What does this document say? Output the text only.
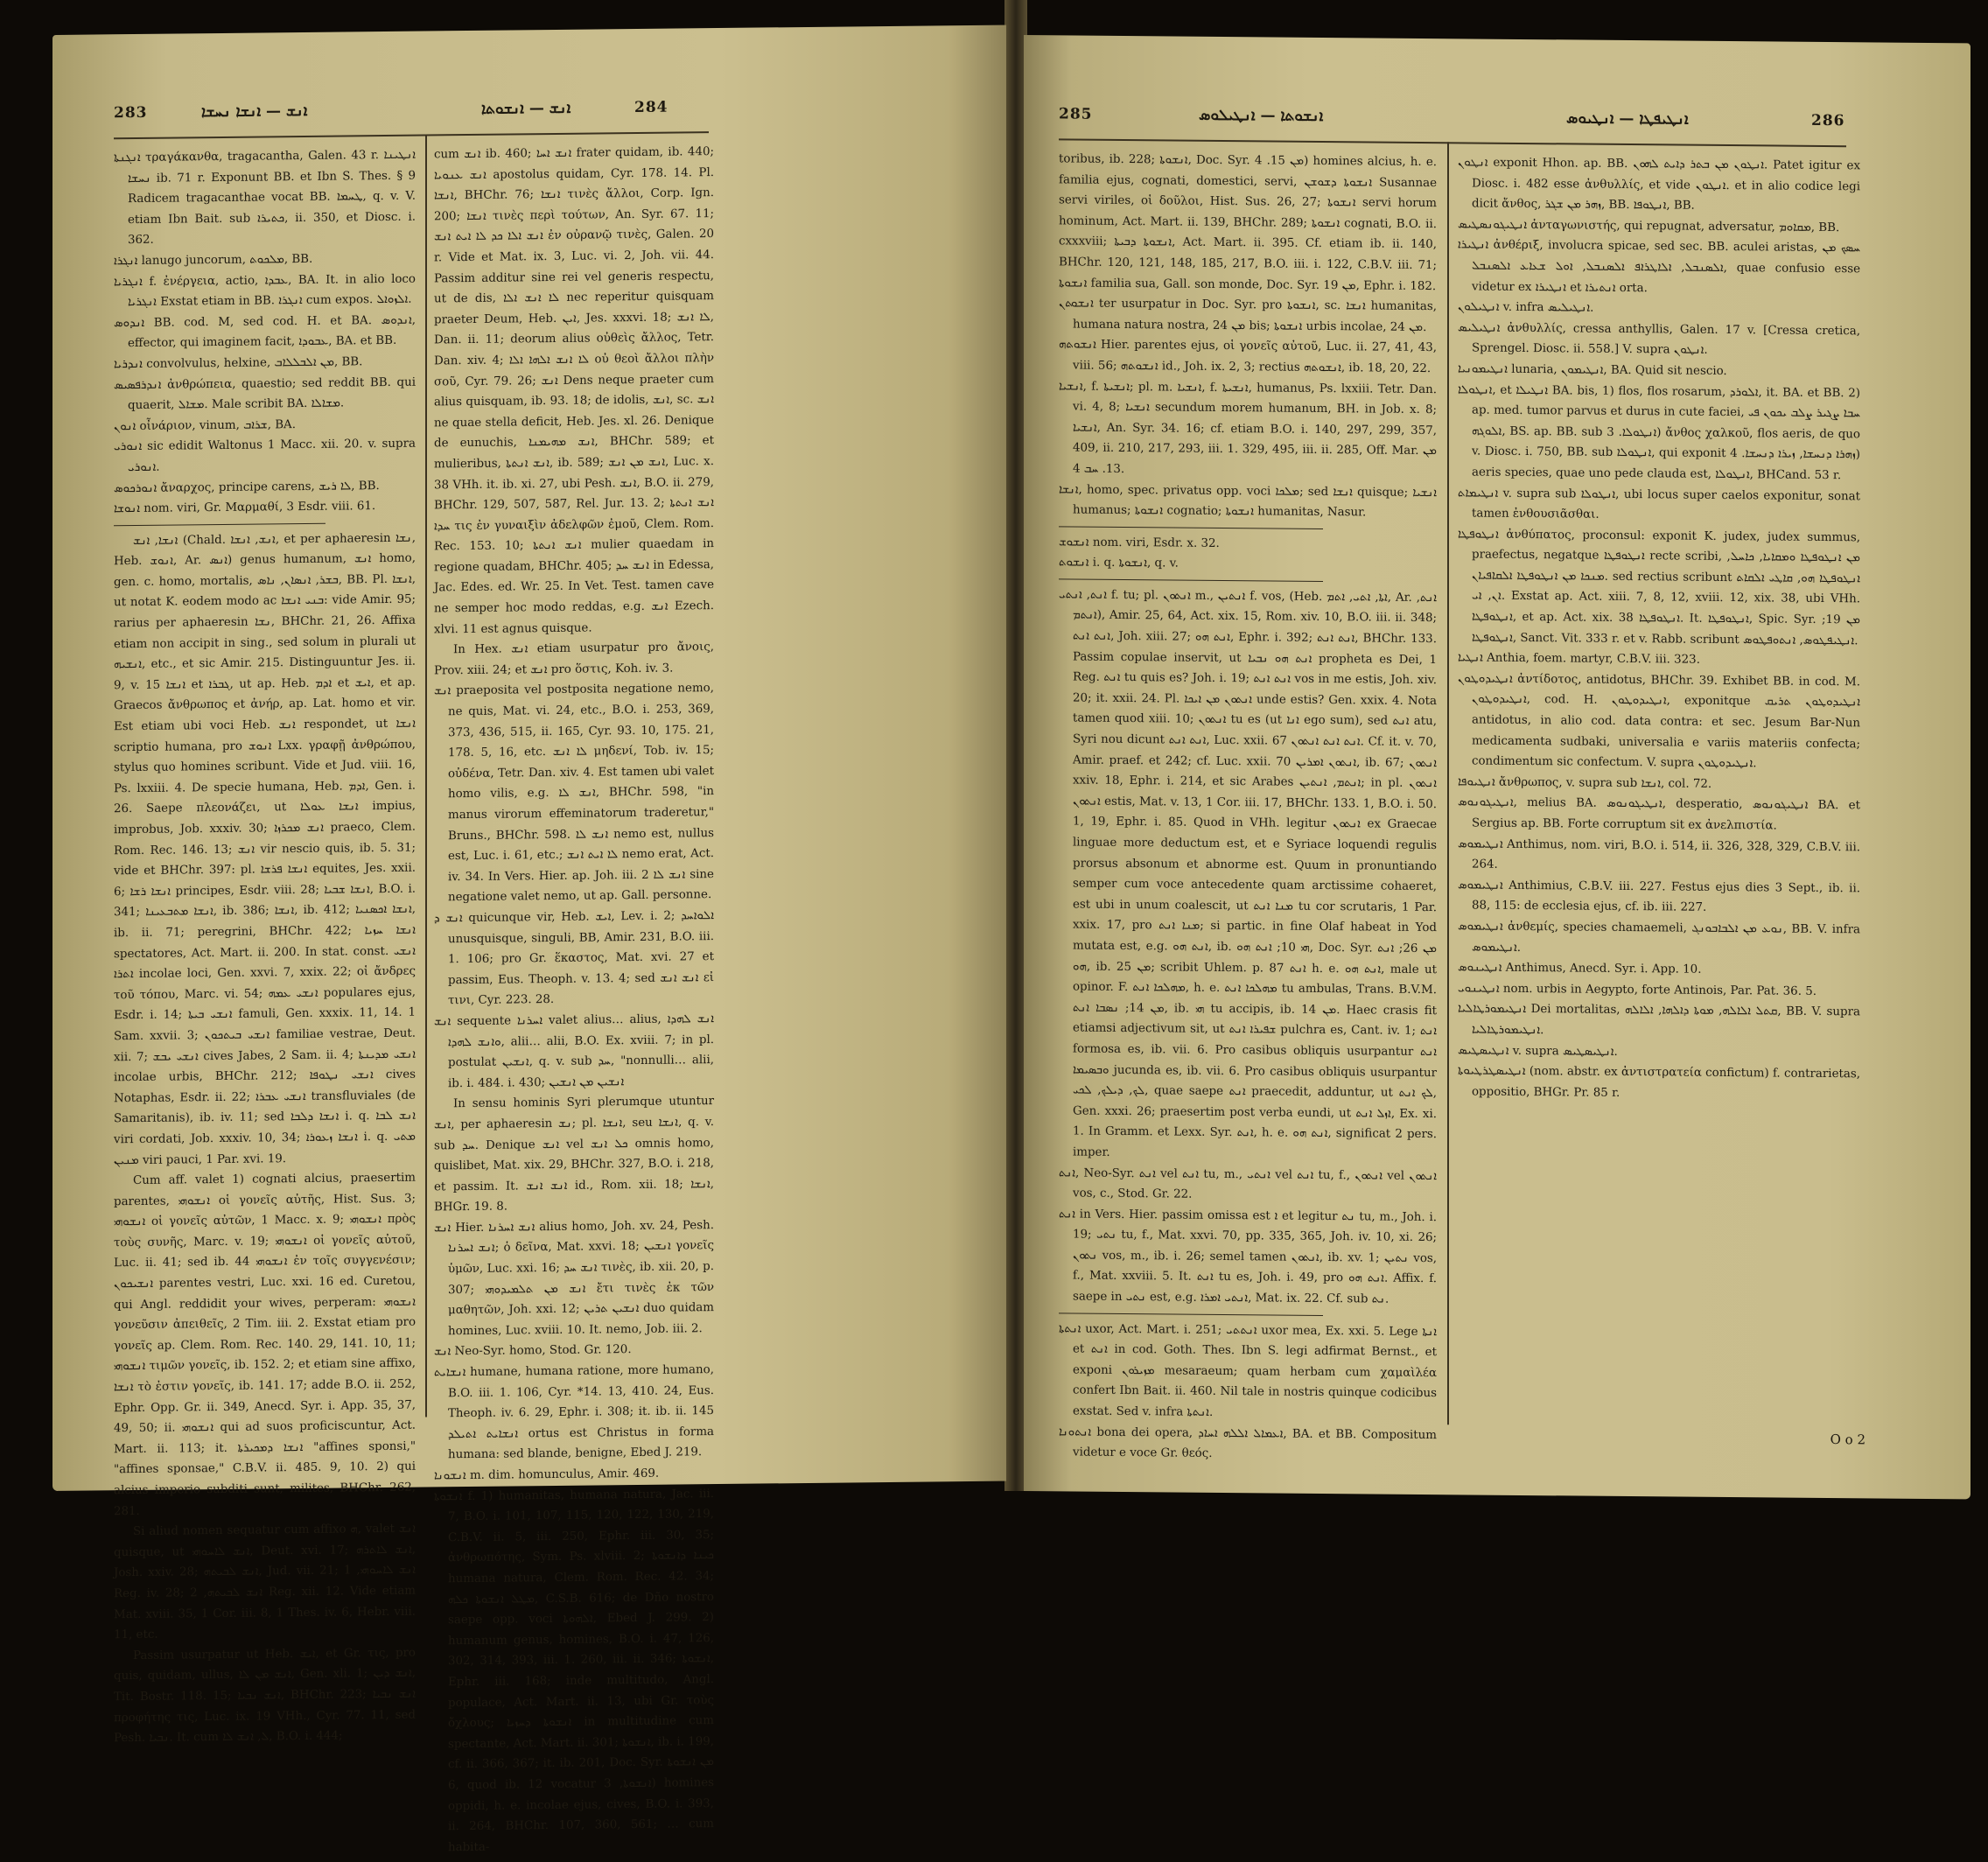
283	ܐܢܫ — ܐܢܫܐ ܢܚܫܐ	ܐܢܫ — ܐܢܫܘܬܐ	284

ܐܢܓܢܬܐ τραγάκανθα, tragacantha, Galen. 43 r. ܐܢܛܝܢܐ ܢܚܫܐ ib. 71 r. Exponunt BB. et Ibn S. Thes. § 9 Radicem tragacanthae vocat BB. ܛܚܡܐ, q. v. V. etiam Ibn Bait. sub ܟܬܝܪܐ, ii. 350, et Diosc. i. 362.

ܐܢܓܪܐ lanugo juncorum, ܡܠܟܘܬ, BB.

ܐܢܓܪܝܐ f. ἐνέργεια, actio, ܥܒܕܐ, BA. It. in alio loco ܐܢܓܪܝܐ Exstat etiam in BB. ܐܢܓܪܐ cum expos. ܐܠܙܘܐܠ.

ܐܢܕܘܣ BB. cod. M, sed cod. H. et BA. ܐܢܕܘܣ, effector, qui imaginem facit, ܥܒܘܕܐ, BA. et BB.

ܐܢܕܪܝܐ convolvulus, helxine, ܡܢ ܐܠܒܠܠܐܒ, BB.

ܐܢܕܪܦܣܝܣ ἀνθρώπεια, quaestio; sed reddit BB. qui quaerit, ܡܫܐܠ. Male scribit BA. ܡܫܐܠܐ.

ܐܢܘܢ οἶνάριον, vinum, ܫܪܐܒ, BA.

ܐܢܘܪܝ sic edidit Waltonus 1 Macc. xii. 20. v. supra ܐܢܘܪܝ.

ܐܢܘܪܟܘܣ ἄναρχος, principe carens, ܠܐ ܪܝܫ, BB.

ܐܢܘܫܐ nom. viri, Gr. Μαρμαθί, 3 Esdr. viii. 61.

ܐܢܫܐ, ܐܢܫ (Chald. ܐܢܫ, ܐܢܫܐ, et per aphaeresin ܢܫܐ, Heb. ܐܢܘܫ, Ar. ܐܢܣ) genus humanum, ܐܢܫ homo, gen. c. homo, mortalis, ܒܫܪ, ܐܢܣܐܢ, ܢܐܣ, BB. Pl. ܐܢܫܐ, ut notat K. eodem modo ac ܒܢܝ ܐܢܫܐ: vide Amir. 95; rarius per aphaeresin ܢܫܐ, BHChr. 21, 26. Affixa etiam non accipit in sing., sed solum in plurali ut ܐܢܫܝܗ, etc., et sic Amir. 215. Distinguuntur Jes. ii. 9, v. 15 ܐܢܫܐ et ܓܒܪܐ, ut ap. Heb. ܐܕܡ et ܐܝܫ, et ap. Graecos ἄνθρωπος et ἀνήρ, ap. Lat. homo et vir. Est etiam ubi voci Heb. ܐܢܫ respondet, ut ܐܢܫܐ scriptio humana, pro ܐܢܘܫ Lxx. γραφῇ ἀνθρώπου, stylus quo homines scribunt. Vide et Jud. viii. 16, Ps. lxxiii. 4. De specie humana, Heb. ܐܕܡ, Gen. i. 26. Saepe πλεονάζει, ut ܐܢܫܐ ܥܘܠܐ impius, improbus, Job. xxxiv. 30; ܐܢܫ ܡܟܪܙܐ praeco, Clem. Rom. Rec. 146. 13; ܐܢܫ vir nescio quis, ib. 5. 31; vide et BHChr. 397: pl. ܐܢܫܐ ܦܪܫܐ equites, Jes. xxii. 6; ܐܢܫܐ ܪܫܐ principes, Esdr. viii. 28; ܐܢܫܐ ܫܒܝܐ, B.O. i. 341; ܐܢܫܐ ܡܬܒܥܝܢܐ, ib. 386; ܐܢܫܐ, ib. 412; ܐܢܫܐ ܐܟܣܢܝܐ, ib. ii. 71; peregrini, BHChr. 422; ܐܢܫܐ ܚܙܝܐ spectatores, Act. Mart. ii. 200. In stat. const. ܐܢܫܝ ܐܬܪܐ incolae loci, Gen. xxvi. 7, xxix. 22; οἱ ἄνδρες τοῦ τόπου, Marc. vi. 54; ܐܢܫܝ ܥܡܗ populares ejus, Esdr. i. 14; ܐܢܫܝ ܒܝܬܐ famuli, Gen. xxxix. 11, 14. 1 Sam. xxvii. 3; ܐܢܫܝ ܒܝܬܟܘܢ familiae vestrae, Deut. xii. 7; ܐܢܫܝ ܝܒܫ cives Jabes, 2 Sam. ii. 4; ܐܢܫܝ ܡܕܝܢܬܐ incolae urbis, BHChr. 212; ܐܢܫܝ ܢܛܘܦܐ cives Notaphas, Esdr. ii. 22; ܐܢܫܝ ܥܒܪܐ transfluviales (de Samaritanis), ib. iv. 11; sed ܐܢܫܐ ܕܠܒܐ i. q. ܐܢܫ ܠܒܐ viri cordati, Job. xxxiv. 10, 34; ܐܢܫܐ ܙܥܘܪܐ i. q. ܡܬܝ ܡܢܝܢ viri pauci, 1 Par. xvi. 19.

Cum aff. valet 1) cognati alcius, praesertim parentes, ܐܢܫܘܗܝ οἱ γονεῖς αὐτῆς, Hist. Sus. 3; ܐܢܫܘܗܝ οἱ γονεῖς αὐτῶν, 1 Macc. x. 9; ܐܢܫܘܗܝ πρὸς τοὺς συνῆς, Marc. v. 19; ܐܢܫܘܗܝ οἱ γονεῖς αὐτοῦ, Luc. ii. 41; sed ib. 44 ܐܢܫܘܗܝ ἐν τοῖς συγγενέσιν; ܐܢܫܝܟܘܢ parentes vestri, Luc. xxi. 16 ed. Curetou, qui Angl. reddidit your wives, perperam: ܐܢܫܘܗܝ γονεῦσιν ἀπειθεῖς, 2 Tim. iii. 2. Exstat etiam pro γονεῖς ap. Clem. Rom. Rec. 140. 29, 141. 10, 11; ܐܢܫܘܗܝ τιμῶν γονεῖς, ib. 152. 2; et etiam sine affixo, ܐܢܫܐ τὸ ἐστιν γονεῖς, ib. 141. 17; adde B.O. ii. 252, Ephr. Opp. Gr. ii. 349, Anecd. Syr. i. App. 35, 37, 49, 50; ii. ܐܢܫܘܗܝ qui ad suos proficiscuntur, Act. Mart. ii. 113; it. ܐܢܫܐ ܕܡܟܝܪܬܐ "affines sponsi," "affines sponsae," C.B.V. ii. 485. 9, 10. 2) qui alcius imperio subditi sunt, milites, BHChr. 262, 281.

Si aliud nomen sequatur cum affixo ܗ, valet ܐܢܫ quisque, ut ܐܢܫ ܠܐܚܘܗܝ, Deut. xvi. 17; ܐܢܫ ܠܐܬܪܗ, Josh. xxiv. 28; ܐܢܫ ܠܒܝܬܗ, Jud. vii. 21; ܐܢܫ ܠܐܚܘܗܝ, 1 Reg. iv. 28; ܐܢܫ ܠܒܝܬܗ, 2 Reg. xii. 12. Vide etiam Mat. xviii. 35, 1 Cor. iii. 8, 1 Thes. iv. 6, Hebr. viii. 11, etc.

Passim usurpatur ut Heb. ܐܝܫ, et Gr. τις, pro quis, quidam, ullus, ܐܢܫ ܡܢ ܠܐ, Gen. xli. 1; ܐܢܫ ܕܝܢ, Tit. Bostr. 118. 15; ܐܢܫ ܢܒܝܐ, BHChr. 223; ܐܢܫ ܢܒܝܐ προφήτης τις, Luc. ix. 19 VHh., Cyr. 77. 11, sed Pesh. ܢܒܝܐ. It. cum ܠ, ܐܢܫ ܠܐ, B.O. i. 444;

cum ܐܢܫ ib. 460; ܐܢܫ ܐܚܐ frater quidam, ib. 440; ܐܢܫ ܥܢܘܝܐ apostolus quidam, Cyr. 178. 14. Pl. ܐܢܫܐ, BHChr. 76; ܐܢܫܐ τινὲς ἄλλοι, Corp. Ign. 200; ܐܢܫܐ τινὲς περὶ τούτων, An. Syr. 67. 11; ܐܢܫ ܐܠܐ ܟܕ ܠܐ ܐܝܬ ܐܢܫ ἐν οὐρανῷ τινὲς, Galen. 20 r. Vide et Mat. ix. 3, Luc. vi. 2, Joh. vii. 44. Passim additur sine rei vel generis respectu, ut de dis, ܠܐ ܐܢܫ ܐܠܐ nec reperitur quisquam praeter Deum, Heb. ܐܝܢ, Jes. xxxvi. 18; ܠܐ ܐܢܫ, Dan. ii. 11; deorum alius οὐθεὶς ἄλλος, Tetr. Dan. xiv. 4; ܠܐ ܐܢܫ ܐܠܗܐ ܐܠܐ οὐ θεοὶ ἄλλοι πλὴν σοῦ, Cyr. 79. 26; ܐܢܫ Dens neque praeter cum alius quisquam, ib. 93. 18; de idolis, ܐܢܫ, sc. ܐܢܫ ne quae stella deficit, Heb. Jes. xl. 26. Denique de eunuchis, ܐܢܫ ܡܗܝܡܢܐ, BHChr. 589; et mulieribus, ܐܢܫ ܐܢܬܬܐ, ib. 589; ܐܢܫ ܡܢ ܐܢܫ, Luc. x. 38 VHh. it. ib. xi. 27, ubi Pesh. ܐܢܫ, B.O. ii. 279, BHChr. 129, 507, 587, Rel. Jur. 13. 2; ܐܢܫ ܐܢܬܬܐ ܚܕܐ τις ἐν γυναιξὶν ἀδελφῶν ἐμοῦ, Clem. Rom. Rec. 153. 10; ܐܢܫ ܐܢܬܬܐ mulier quaedam in regione quadam, BHChr. 405; ܐܢܫ ܚܕ in Edessa, Jac. Edes. ed. Wr. 25. In Vet. Test. tamen cave ne semper hoc modo reddas, e.g. ܐܢܫ Ezech. xlvi. 11 est agnus quisque.

In Hex. ܐܢܫ etiam usurpatur pro ἄνοις, Prov. xiii. 24; et ܐܢܫ pro ὅστις, Koh. iv. 3.

ܐܢܫ praeposita vel postposita negatione nemo, ne quis, Mat. vi. 24, etc., B.O. i. 253, 369, 373, 436, 515, ii. 165, Cyr. 93. 10, 175. 21, 178. 5, 16, etc. ܠܐ ܐܢܫ μηδενί, Tob. iv. 15; οὐδένα, Tetr. Dan. xiv. 4. Est tamen ubi valet homo vilis, e.g. ܐܢܫ ܠܐ, BHChr. 598, "in manus virorum effeminatorum traderetur," Bruns., BHChr. 598. ܐܢܫ ܠܐ nemo est, nullus est, Luc. i. 61, etc.; ܠܐ ܐܝܬ ܐܢܫ nemo erat, Act. iv. 34. In Vers. Hier. ap. Joh. iii. 2 ܐܢܫ ܠܐ sine negatione valet nemo, ut ap. Gall. personne.

ܐܢܫ ܕ quicunque vir, Heb. ܐܝܫ, Lev. i. 2; ܐܠܘܐܚܕ unusquisque, singuli, BB, Amir. 231, B.O. iii. 1. 106; pro Gr. ἕκαστος, Mat. xvi. 27 et passim, Eus. Theoph. v. 13. 4; sed ܐܢܫ ܐܢܫ εἰ τινι, Cyr. 223. 28.

ܐܢܫ sequente ܐܚܪܢܐ valet alius… alius, ܐܢܫ ܠܗܕܐ ܘܐܢܫ ܠܗܕܐ, alii… alii, B.O. Ex. xviii. 7; in pl. postulat ܐܢܫܝܢ, q. v. sub ܚܕ, "nonnulli… alii, ib. i. 484. i. 430; ܐܢܫܝܢ ܡܢ ܐܢܫܝܢ

In sensu hominis Syri plerumque utuntur ܐܢܫ, per aphaeresin ܢܫ; pl. ܐܢܫܐ, seu ܐܢܫܐ, q. v. sub ܚܕ. Denique ܐܢܫ vel ܟܠ ܐܢܫ omnis homo, quislibet, Mat. xix. 29, BHChr. 327, B.O. i. 218, et passim. It. ܐܢܫ ܐܢܫ id., Rom. xii. 18; ܐܢܫܐ, BHGr. 19. 8.

ܐܢܫ Hier. ܐܢܫ ܐܚܪܢܐ alius homo, Joh. xv. 24, Pesh. ܐܢܫ ܐܚܪܢܐ; ὁ δεῖνα, Mat. xxvi. 18; ܐܢܫܝܢ γονεῖς ὑμῶν, Luc. xxi. 16; ܐܢܫ ܚܕ τινὲς, ib. xii. 20, p. 307; ܐܢܫ ܡܢ ܬܠܡܝܕܘܗܝ ἔτι τινὲς ἐκ τῶν μαθητῶν, Joh. xxi. 12; ܐܢܫܝܢ ܬܪܝܢ duo quidam homines, Luc. xviii. 10. It. nemo, Job. iii. 2.

ܐܢܫ Neo-Syr. homo, Stod. Gr. 120.

ܐܢܫܐܝܬ humane, humana ratione, more humano, B.O. iii. 1. 106, Cyr. *14. 13, 410. 24, Eus. Theoph. iv. 6. 29, Ephr. i. 308; it. ib. ii. 145 ܐܢܫܐܝܬ ܐܬܝܠܕ ortus est Christus in forma humana: sed blande, benigne, Ebed J. 219.

ܐܢܫܘܢܐ m. dim. homunculus, Amir. 469.

ܐܢܫܘܬܐ f. 1) humanitas, humana natura, Jac. iii. 7, B.O. i. 101, 107, 115, 120, 122, 130, 219, C.B.V. ii. 5, iii. 250, Ephr. iii. 30, 35; ἀνθρωπότης, Sym. Ps. xlviii. 2; ܟܝܢܐ ܕܐܢܫܘܬܐ humana natura, Clem. Rom. Rec. 42. 34; ܡܛܠ ܐܢܫܘܬܐ ܟܠܗ, C.S.B. 616; de Dño nostro saepe opp. voci ܐܠܗܘܬܐ, Ebed J. 299. 2) humanum genus, homines, B.O. i. 47, 126, 302, 314, 393, iii. 1. 260, iii. ii. 346; ܐܢܫܘܬܐ, Ephr. iii. 168; inde multitudo, Angl. populace, Act. Mart. ii. 13, ubi Gr. τοὺς ὄχλους; ܐܢܫܘܬܐ ܕܚܙܝܐ in multitudine cum spectante, Act. Mart. ii. 301; ܐܢܫܘܬܐ, ib. i. 199, cf. ii. 366, 367; it. ib. 201, Doc. Syr. ܡܢ ܐܢܫܘܬܐ 6, quod ib. 12 vocatur ܐܢܫܘܬܐ, 3) homines oppidi, h. e. incolae ejus, cives, B.O. i. 393, ii. 264, BHChr. 107, 360, 561; … cum habita-

285	ܐܢܫܘܬܐ — ܐܢܛܝܠܘܣ	ܐܢܛܝܦܛܐ — ܐܢܛܝܘܣ	286

toribus, ib. 228; ܐܢܫܘܬܐ, Doc. Syr. ܡܢ 15. 4) homines alcius, h. e. familia ejus, cognati, domestici, servi, ܐܢܫܘܬܐ ܕܫܘܫܢ Susannae servi viriles, οἱ δοῦλοι, Hist. Sus. 26, 27; ܐܢܫܘܬܐ servi horum hominum, Act. Mart. ii. 139, BHChr. 289; ܐܢܫܘܬܐ cognati, B.O. ii. cxxxviii; ܐܢܫܘܬܐ ܕܒܝܬܐ, Act. Mart. ii. 395. Cf. etiam ib. ii. 140, BHChr. 120, 121, 148, 185, 217, B.O. iii. i. 122, C.B.V. iii. 71; ܐܢܫܘܬܐ familia sua, Gall. son monde, Doc. Syr. ܡܢ 19, Ephr. i. 182.

ܐܢܫܘܬܢ ter usurpatur in Doc. Syr. pro ܐܢܫܘܬܐ, sc. ܐܢܫܐ humanitas, humana natura nostra, ܡܢ 24 bis; ܐܢܫܘܬܐ urbis incolae, ܡܢ 24.

ܐܢܫܘܬܗ Hier. parentes ejus, οἱ γονεῖς αὐτοῦ, Luc. ii. 27, 41, 43, viii. 56; ܐܢܫܘܬܗ id., Joh. ix. 2, 3; rectius ܐܢܫܘܬܗ, ib. 18, 20, 22.

ܐܢܫܝܐ, f. ܐܢܫܝܬܐ; pl. m. ܐܢܫܝܐ, f. ܐܢܫܝܬܐ, humanus, Ps. lxxiii. Tetr. Dan. vi. 4, 8; ܐܢܫܝܐ secundum morem humanum, BH. in Job. x. 8; ܐܢܫܝܐ, An. Syr. 34. 16; cf. etiam B.O. i. 140, 297, 299, 357, 409, ii. 210, 217, 293, iii. 1. 329, 495, iii. ii. 285, Off. Mar. ܡܢ 13. ܚܒ 4.

ܐܢܫܐ, homo, spec. privatus opp. voci ܡܠܟܐ; sed ܐܢܫܐ quisque; ܐܢܫܝܐ humanus; ܐܢܫܘܬܐ cognatio; ܐܢܫܘܬܐ humanitas, Nasur.

ܐܢܫܘܫ nom. viri, Esdr. x. 32.

ܐܢܫܘܬ i. q. ܐܢܫܘܬܐ, q. v.

ܐܢܬ, ܐܢܬܝ f. tu; pl. ܐܢܬܘܢ m., ܐܢܬܝܢ f. vos, (Heb. ܐܬܐ, ܐܬܝ, ܐܬܡ, Ar. ܐܢܬ, ܐܢܬܡ), Amir. 25, 64, Act. xix. 15, Rom. xiv. 10, B.O. iii. ii. 348; ܐܢܬ ܐܢܬ, Joh. xiii. 27; ܐܢܬ ܗܘ, Ephr. i. 392; ܐܢܬ ܐܢܬ, BHChr. 133. Passim copulae inservit, ut ܐܢܬ ܗܘ ܢܒܝܐ propheta es Dei, 1 Reg. ܐܢܬ tu quis es? Joh. i. 19; ܐܢܬ ܐܢܬ vos in me estis, Joh. xiv. 20; it. xxii. 24. Pl. ܐܢܬܘܢ ܡܢ ܐܝܟܐ unde estis? Gen. xxix. 4. Nota tamen quod xiii. 10; ܐܢܬܘܢ tu es (ut ܐܢܐ ego sum), sed ܐܢܬ atu, Syri nou dicunt ܐܢܬ ܐܢܬ, Luc. xxii. 67 ܐܢܬ ܐܢܬ ܐܢܬܘܢ. Cf. it. v. 70, Amir. praef. et 242; cf. Luc. xxii. 70 ܐܢܬܘܢ ܐܡܪܝܢ, ib. 67; ܐܢܬܘܢ xxiv. 18, Ephr. i. 214, et sic Arabes ܐܢܬܡ, ܐܢܬܝܢ; in pl. ܐܢܬܘܢ ܐܢܬܘܢ estis, Mat. v. 13, 1 Cor. iii. 17, BHChr. 133. 1, B.O. i. 50. 1, 19, Ephr. i. 85. Quod in VHh. legitur ܐܢܬܘܢ ex Graecae linguae more deductum est, et e Syriace loquendi regulis prorsus absonum et abnorme est. Quum in pronuntiando semper cum voce antecedente quam arctissime cohaeret, est ubi in unum coalescit, ut ܡܢܐ ܐܢܬ tu cor scrutaris, 1 Par. xxix. 17, pro ܡܢܐ ܐܢܬ; si partic. in fine Olaf habeat in Yod mutata est, e.g. ܐܢܬ ܗܘ, ib. ܗܝ 10; ܐܢܬ ܗܘ, Doc. Syr. ܡܢ 26; ܐܢܬ ܗܘ, ib. ܡܢ 25; scribit Uhlem. p. 87 ܐܢܬ h. e. ܐܢܬ ܗܘ, male ut opinor. F. ܡܗܠܟܐ ܐܢܬ, h. e. ܡܗܠܟܐ ܐܢܬ tu ambulas, Trans. B.V.M. ܡܢ 14; ܢܣܒܐ ܐܢܬ, ib. ܗܝ tu accipis, ib. ܡܢ 14. Haec crasis fit etiamsi adjectivum sit, ut ܫܦܝܪܐ ܐܢܬ pulchra es, Cant. iv. 1; ܐܢܬ formosa es, ib. vii. 6. Pro casibus obliquis usurpantur ܐܢܬ ܘܒܣܝܡܐ jucunda es, ib. vii. 6. Pro casibus obliquis usurpantur ܠܟ, ܕܝܠܟ, ܠܟܝ, quae saepe ܐܢܬ praecedit, adduntur, ut ܠܟ ܐܢܬ, Gen. xxxi. 26; praesertim post verba eundi, ut ܐܙܠ ܐܢܬ, Ex. xi. 1. In Gramm. et Lexx. Syr. ܐܢܬ, h. e. ܐܢܬ ܗܘ, significat 2 pers. imper.

ܐܢܬ, Neo-Syr. ܐܢܬ vel ܐܢܬ tu, m., ܐܢܬܝ vel ܐܢܬ tu, f., ܐܢܬܘܢ vel ܐܢܬܘܢ vos, c., Stod. Gr. 22.

ܐܢܬ in Vers. Hier. passim omissa est ܐ et legitur ܢܬ tu, m., Joh. i. 19; ܢܬܝ tu, f., Mat. xxvi. 70, pp. 335, 365, Joh. iv. 10, xi. 26; ܢܬܘܢ vos, m., ib. i. 26; semel tamen ܐܢܬܘܢ, ib. xv. 1; ܢܬܝܢ vos, f., Mat. xxviii. 5. It. ܐܢܬ tu es, Joh. i. 49, pro ܐܢܬ ܗܘ. Affix. f. saepe in ܢܬܝ est, e.g. ܐܢܬܝ ܐܡܪܐ, Mat. ix. 22. Cf. sub ܢܬ.

ܐܢܬܬܐ uxor, Act. Mart. i. 251; ܐܢܬܬܝ uxor mea, Ex. xxi. 5. Lege ܐܢܬܐ et ܐܢܬ in cod. Goth. Thes. Ibn S. legi adfirmat Bernst., et exponi ܡܙܝܪܘܢ mesaraeum; quam herbam cum χαμαὶλέα confert Ibn Bait. ii. 460. Nil tale in nostris quinque codicibus exstat. Sed v. infra ܐܢܬܬܐ.

ܐܢܬܘܢܐ bona dei opera, ܐܥܡܐܠ ܐܠܠܗ ܐܚܐܕ, BA. et BB. Compositum videtur e voce Gr. θεός.

ܐܢܛܘܢ exponit Hhon. ap. BB. ܐܢܛܘܢ ܡܢ ܒܬܪ ܕܐܝܬ ܠܗܘܢ. Patet igitur ex Diosc. i. 482 esse ἀνθυλλίς, et vide ܐܢܛܘܢ. et in alio codice legi dicit ἄνθος, ܙܗܪ ܡܢ ܫܓܪ, BB. ܐܢܛܘܦܐ, BB.

ܐܢܛܝܓܘܢܣܛܝܣ ἀνταγωνιστής, qui repugnat, adversatur, ܡܩܐܘܡ, BB.

ܐܢܛܝܪܐ ἀνθέριξ, involucra spicae, sed sec. BB. aculei aristas, ܚܣܟ ܡܢ ܐܠܣܢܒܠ, ܐܠܐܛܪܐܦ ܐܠܣܢܒܠ, ܐܘܠ ܫܥܐܥ ܐܠܣܢܒܠ, quae confusio esse videtur ex ܐܢܛܝܪܐ et ܐܢܬܝܪܐ orta.

ܐܢܛܝܠܘܢ v. infra ܐܢܛܝܠܝܣ.

ܐܢܛܝܠܝܣ ἀνθυλλίς, cressa anthyllis, Galen. 17 v. [Cressa cretica, Sprengel. Diosc. ii. 558.] V. supra ܐܢܛܘܢ.

ܐܢܛܝܡܘܢܝܐ lunaria, ܐܢܛܝܡܘܢ, BA. Quid sit nescio.

ܐܢܛܘܠܐ, et ܐܢܛܝܠܐ BA. bis, 1) flos, flos rosarum, ܐܠܘܪܕ, it. BA. et BB. 2) ap. med. tumor parvus et durus in cute faciei, ܚܒܐ ܨܓܝܪ ܨܠܒ ܝܟܘܢ ܦܝ ܐܠܘܓܗ, BS. ap. BB. sub ܐܢܛܘܠܐ. 3) ἄνθος χαλκοῦ, flos aeris, de quo v. Diosc. i. 750, BB. sub ܐܢܛܘܠܐ, qui exponit ܙܗܪܐ ܕܢܚܫܐ, ܙܝܪܐ ܕܢܚܫܐ. 4) aeris species, quae uno pede clauda est, ܐܢܛܘܠܐ, BHCand. 53 r.

ܐܢܛܝܡܐܬ v. supra sub ܐܢܛܘܠܐ, ubi locus super caelos exponitur, sonat tamen ἐνθουσιᾶσθαι.

ܐܢܛܘܦܛܐ ἀνθύπατος, proconsul: exponit K. judex, judex summus, praefectus, negatque ܐܢܛܘܦܛܐ recte scribi, ܡܢ ܐܢܛܘܦܛܐ ܘܡܩܐܝܐ, ܟܐܚܠ, ܡܢܟܐ ܡܢ ܐܢܛܘܦܛܐ ܐܠܩܐܦܝܐܢ. sed rectius scribunt ܐܢܛܘܦܛܐ ܗܘ, ܩܐܛܝ ܐܠܩܐܬ ܐܢ, ܐܝ. Exstat ap. Act. xiii. 7, 8, 12, xviii. 12, xix. 38, ubi VHh. ܐܢܛܘܦܛܐ, et ap. Act. xix. 38 ܐܢܛܘܦܛܐ. It. ܐܢܛܘܦܛܐ, Spic. Syr. ܡܢ 19; ܐܢܛܘܦܛܐ, Sanct. Vit. 333 r. et v. Rabb. scribunt ܐܢܛܝܦܛܘܣ, ܐܢܬܘܦܛܘܣ.

ܐܢܛܝܐ Anthia, foem. martyr, C.B.V. iii. 323.

ܐܢܛܝܕܘܛܘܢ ἀντίδοτος, antidotus, BHChr. 39. Exhibet BB. in cod. M. ܐܢܛܝܕܘܛܘܢ, cod. H. ܐܢܛܝܕܘܛܘܢ, exponitque ܐܢܛܝܕܘܛܘܢ ܬܪܝܩ antidotus, in alio cod. data contra: et sec. Jesum Bar-Nun medicamenta sudbaki, universalia e variis materiis confecta; condimentum sic confectum. V. supra ܐܢܛܝܕܘܛܘܢ.

ܐܢܛܝܘܦܐ ἄνθρωπος, v. supra sub ܐܢܫܐ, col. 72.

ܐܢܛܝܓܘܢܘܣ, melius BA. ܐܢܛܝܓܘܢܘܣ, desperatio, ܐܢܛܝܓܘܢܘܣ BA. et Sergius ap. BB. Forte corruptum sit ex ἀνελπιστία.

ܐܢܛܝܡܘܣ Anthimus, nom. viri, B.O. i. 514, ii. 326, 328, 329, C.B.V. iii. 264.

ܐܢܛܝܡܘܣ Anthimius, C.B.V. iii. 227. Festus ejus dies 3 Sept., ib. ii. 88, 115: de ecclesia ejus, cf. ib. iii. 227.

ܐܢܛܝܡܘܣ ἀνθεμίς, species chamaemeli, ܢܘܥ ܡܢ ܐܠܒܐܒܘܢܓ, BB. V. infra ܐܢܛܝܡܘܣ.

ܐܢܛܝܢܘܣ Anthimus, Anecd. Syr. i. App. 10.

ܐܢܛܝܢܘܝ nom. urbis in Aegypto, forte Antinois, Par. Pat. 36. 5.

ܐܢܛܝܡܘܪܛܐܠܝܐ Dei mortalitas, ܩܬܠ ܐܠܐܠܗ, ܡܘܬܐ ܕܐܠܗܐ, ܐܠܐܠܗ, BB. V. supra ܐܢܛܝܡܘܪܛܐܠܝܐ.

ܐܢܛܝܣܛܝܣ v. supra ܐܢܛܝܣܛܝܣ.

ܐܢܛܝܣܛܪܛܝܘܬܐ (nom. abstr. ex ἀντιστρατεία confictum) f. contrarietas, oppositio, BHGr. Pr. 85 r.

O o 2
